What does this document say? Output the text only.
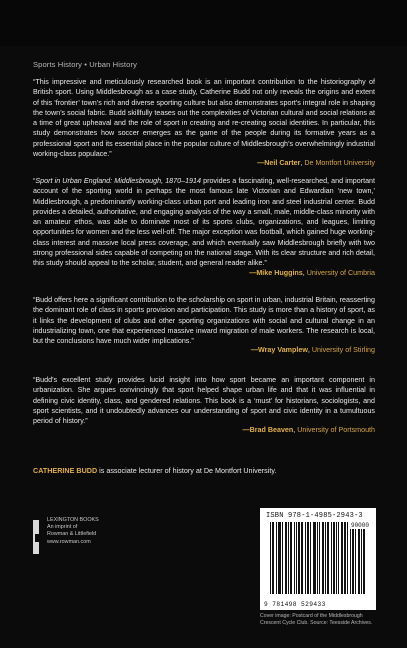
Sports History • Urban History
“This impressive and meticulously researched book is an important contribution to the historiography of British sport. Using Middlesbrough as a case study, Catherine Budd not only reveals the origins and extent of this ‘frontier’ town’s rich and diverse sporting culture but also demonstrates sport’s integral role in shaping the town’s social fabric. Budd skillfully teases out the complexities of Victorian cultural and social relations at a time of great upheaval and the role of sport in creating and re-creating social identities. In particular, this study demonstrates how soccer emerges as the game of the people during its formative years as a professional sport and its essential place in the popular culture of Middlesbrough’s overwhelmingly industrial working-class populace.”
—Neil Carter, De Montfort University
“Sport in Urban England: Middlesbrough, 1870–1914 provides a fascinating, well-researched, and important account of the sporting world in perhaps the most famous late Victorian and Edwardian ‘new town,’ Middlesbrough, a predominantly working-class urban port and leading iron and steel industrial center. Budd provides a detailed, authoritative, and engaging analysis of the way a small, male, middle-class minority with an amateur ethos, was able to dominate most of its sports clubs, organizations, and leagues, limiting opportunities for women and the less well-off. The major exception was football, which gained huge working-class interest and massive local press coverage, and which eventually saw Middlesbrough briefly with two strong professional sides capable of competing on the national stage. With its clear structure and rich detail, this study should appeal to the scholar, student, and general reader alike.”
—Mike Huggins, University of Cumbria
“Budd offers here a significant contribution to the scholarship on sport in urban, industrial Britain, reasserting the dominant role of class in sports provision and participation. This study is more than a history of sport, as it links the development of clubs and other sporting organizations with social and cultural change in an industrializing town, one that experienced massive inward migration of male workers. The research is local, but the conclusions have much wider implications.”
—Wray Vamplew, University of Stirling
“Budd’s excellent study provides lucid insight into how sport became an important component in urbanization. She argues convincingly that sport helped shape urban life and that it was influential in defining civic identity, class, and gendered relations. This book is a ‘must’ for historians, sociologists, and sport scientists, and it undoubtedly advances our understanding of sport and civic identity in a tumultuous period of history.”
—Brad Beaven, University of Portsmouth
CATHERINE BUDD is associate lecturer of history at De Montfort University.
LEXINGTON BOOKS
An imprint of
Rowman & Littlefield
www.rowman.com
ISBN 978-1-4985-2943-3
90000
9 781498 529433
Cover image: Postcard of the Middlesbrough
Crescent Cycle Club. Source: Teesside Archives.
